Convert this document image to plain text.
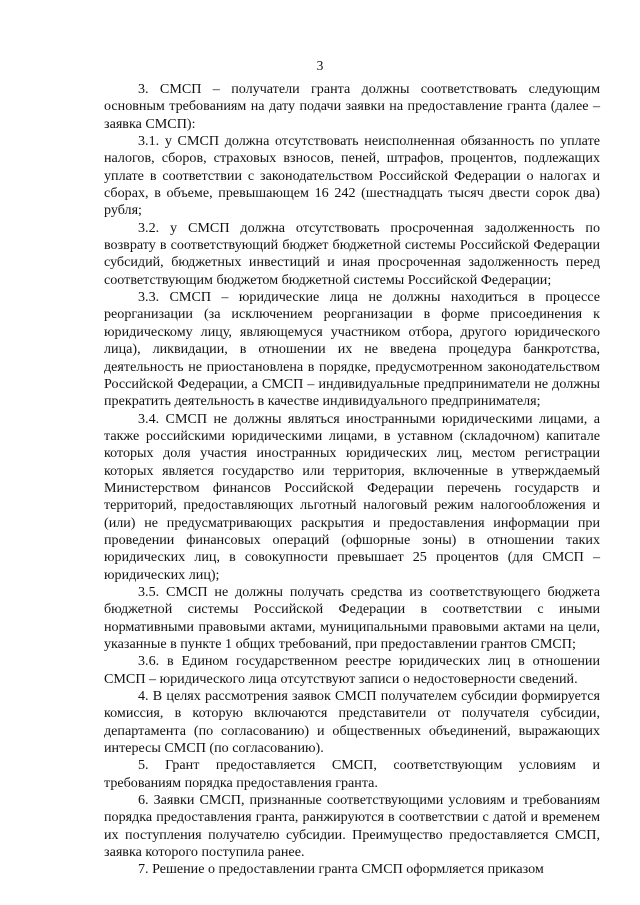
3

3. СМСП – получатели гранта должны соответствовать следующим основным требованиям на дату подачи заявки на предоставление гранта (далее – заявка СМСП):

3.1. у СМСП должна отсутствовать неисполненная обязанность по уплате налогов, сборов, страховых взносов, пеней, штрафов, процентов, подлежащих уплате в соответствии с законодательством Российской Федерации о налогах и сборах, в объеме, превышающем 16 242 (шестнадцать тысяч двести сорок два) рубля;

3.2. у СМСП должна отсутствовать просроченная задолженность по возврату в соответствующий бюджет бюджетной системы Российской Федерации субсидий, бюджетных инвестиций и иная просроченная задолженность перед соответствующим бюджетом бюджетной системы Российской Федерации;

3.3. СМСП – юридические лица не должны находиться в процессе реорганизации (за исключением реорганизации в форме присоединения к юридическому лицу, являющемуся участником отбора, другого юридического лица), ликвидации, в отношении их не введена процедура банкротства, деятельность не приостановлена в порядке, предусмотренном законодательством Российской Федерации, а СМСП – индивидуальные предприниматели не должны прекратить деятельность в качестве индивидуального предпринимателя;

3.4. СМСП не должны являться иностранными юридическими лицами, а также российскими юридическими лицами, в уставном (складочном) капитале которых доля участия иностранных юридических лиц, местом регистрации которых является государство или территория, включенные в утверждаемый Министерством финансов Российской Федерации перечень государств и территорий, предоставляющих льготный налоговый режим налогообложения и (или) не предусматривающих раскрытия и предоставления информации при проведении финансовых операций (офшорные зоны) в отношении таких юридических лиц, в совокупности превышает 25 процентов (для СМСП – юридических лиц);

3.5. СМСП не должны получать средства из соответствующего бюджета бюджетной системы Российской Федерации в соответствии с иными нормативными правовыми актами, муниципальными правовыми актами на цели, указанные в пункте 1 общих требований, при предоставлении грантов СМСП;

3.6. в Едином государственном реестре юридических лиц в отношении СМСП – юридического лица отсутствуют записи о недостоверности сведений.

4. В целях рассмотрения заявок СМСП получателем субсидии формируется комиссия, в которую включаются представители от получателя субсидии, департамента (по согласованию) и общественных объединений, выражающих интересы СМСП (по согласованию).

5. Грант предоставляется СМСП, соответствующим условиям и требованиям порядка предоставления гранта.

6. Заявки СМСП, признанные соответствующими условиям и требованиям порядка предоставления гранта, ранжируются в соответствии с датой и временем их поступления получателю субсидии. Преимущество предоставляется СМСП, заявка которого поступила ранее.

7. Решение о предоставлении гранта СМСП оформляется приказом
